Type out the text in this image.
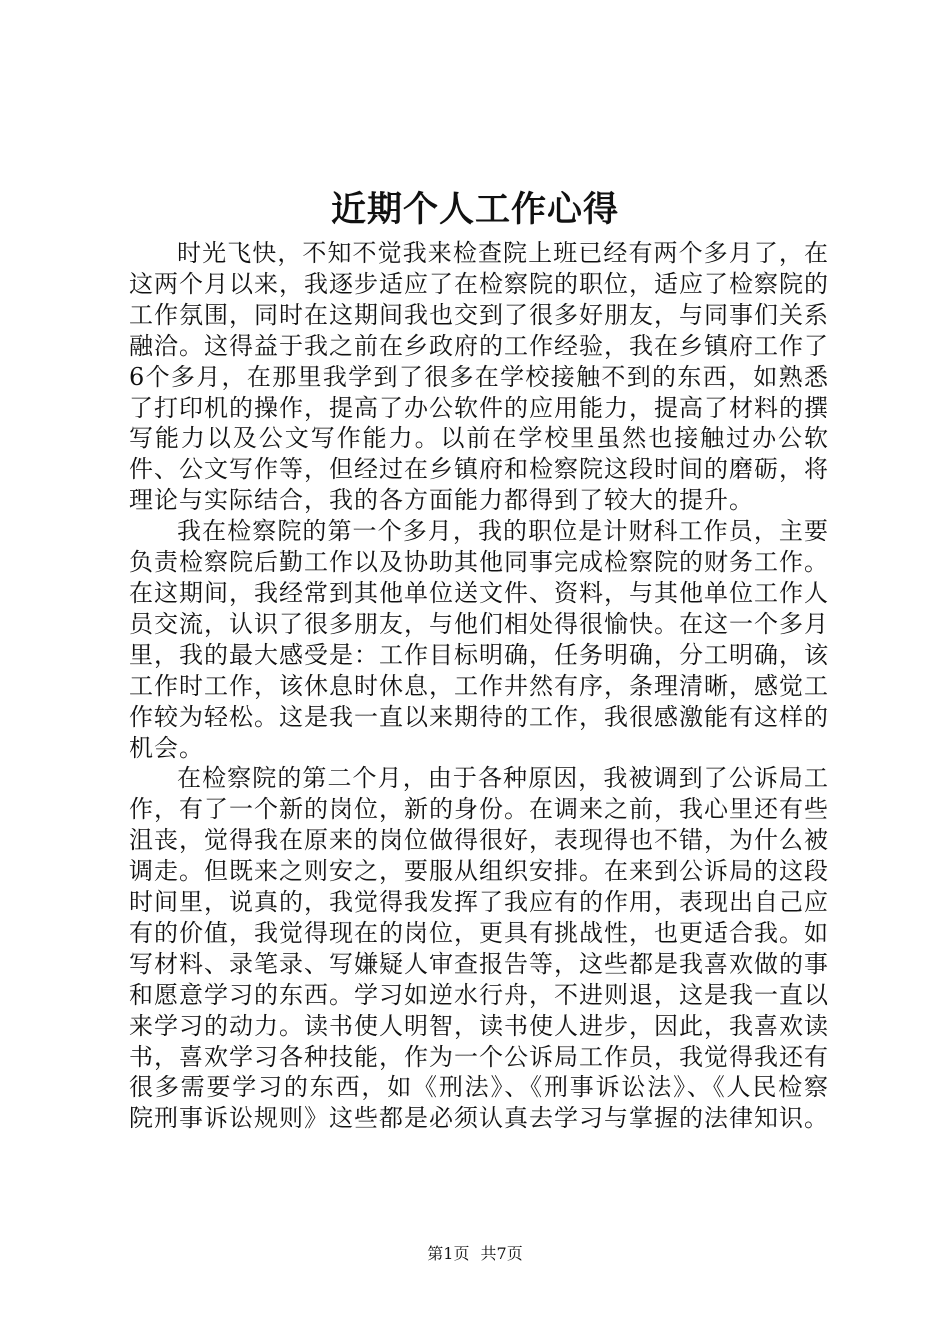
近期个人工作心得

时光飞快，不知不觉我来检查院上班已经有两个多月了，在这两个月以来，我逐步适应了在检察院的职位，适应了检察院的工作氛围，同时在这期间我也交到了很多好朋友，与同事们关系融洽。这得益于我之前在乡政府的工作经验，我在乡镇府工作了6个多月，在那里我学到了很多在学校接触不到的东西，如熟悉了打印机的操作，提高了办公软件的应用能力，提高了材料的撰写能力以及公文写作能力。以前在学校里虽然也接触过办公软件、公文写作等，但经过在乡镇府和检察院这段时间的磨砺，将理论与实际结合，我的各方面能力都得到了较大的提升。

我在检察院的第一个多月，我的职位是计财科工作员，主要负责检察院后勤工作以及协助其他同事完成检察院的财务工作。在这期间，我经常到其他单位送文件、资料，与其他单位工作人员交流，认识了很多朋友，与他们相处得很愉快。在这一个多月里，我的最大感受是：工作目标明确，任务明确，分工明确，该工作时工作，该休息时休息，工作井然有序，条理清晰，感觉工作较为轻松。这是我一直以来期待的工作，我很感激能有这样的机会。

在检察院的第二个月，由于各种原因，我被调到了公诉局工作，有了一个新的岗位，新的身份。在调来之前，我心里还有些沮丧，觉得我在原来的岗位做得很好，表现得也不错，为什么被调走。但既来之则安之，要服从组织安排。在来到公诉局的这段时间里，说真的，我觉得我发挥了我应有的作用，表现出自己应有的价值，我觉得现在的岗位，更具有挑战性，也更适合我。如写材料、录笔录、写嫌疑人审查报告等，这些都是我喜欢做的事和愿意学习的东西。学习如逆水行舟，不进则退，这是我一直以来学习的动力。读书使人明智，读书使人进步，因此，我喜欢读书，喜欢学习各种技能，作为一个公诉局工作员，我觉得我还有很多需要学习的东西，如《刑法》、《刑事诉讼法》、《人民检察院刑事诉讼规则》这些都是必须认真去学习与掌握的法律知识。

第1页 共7页
